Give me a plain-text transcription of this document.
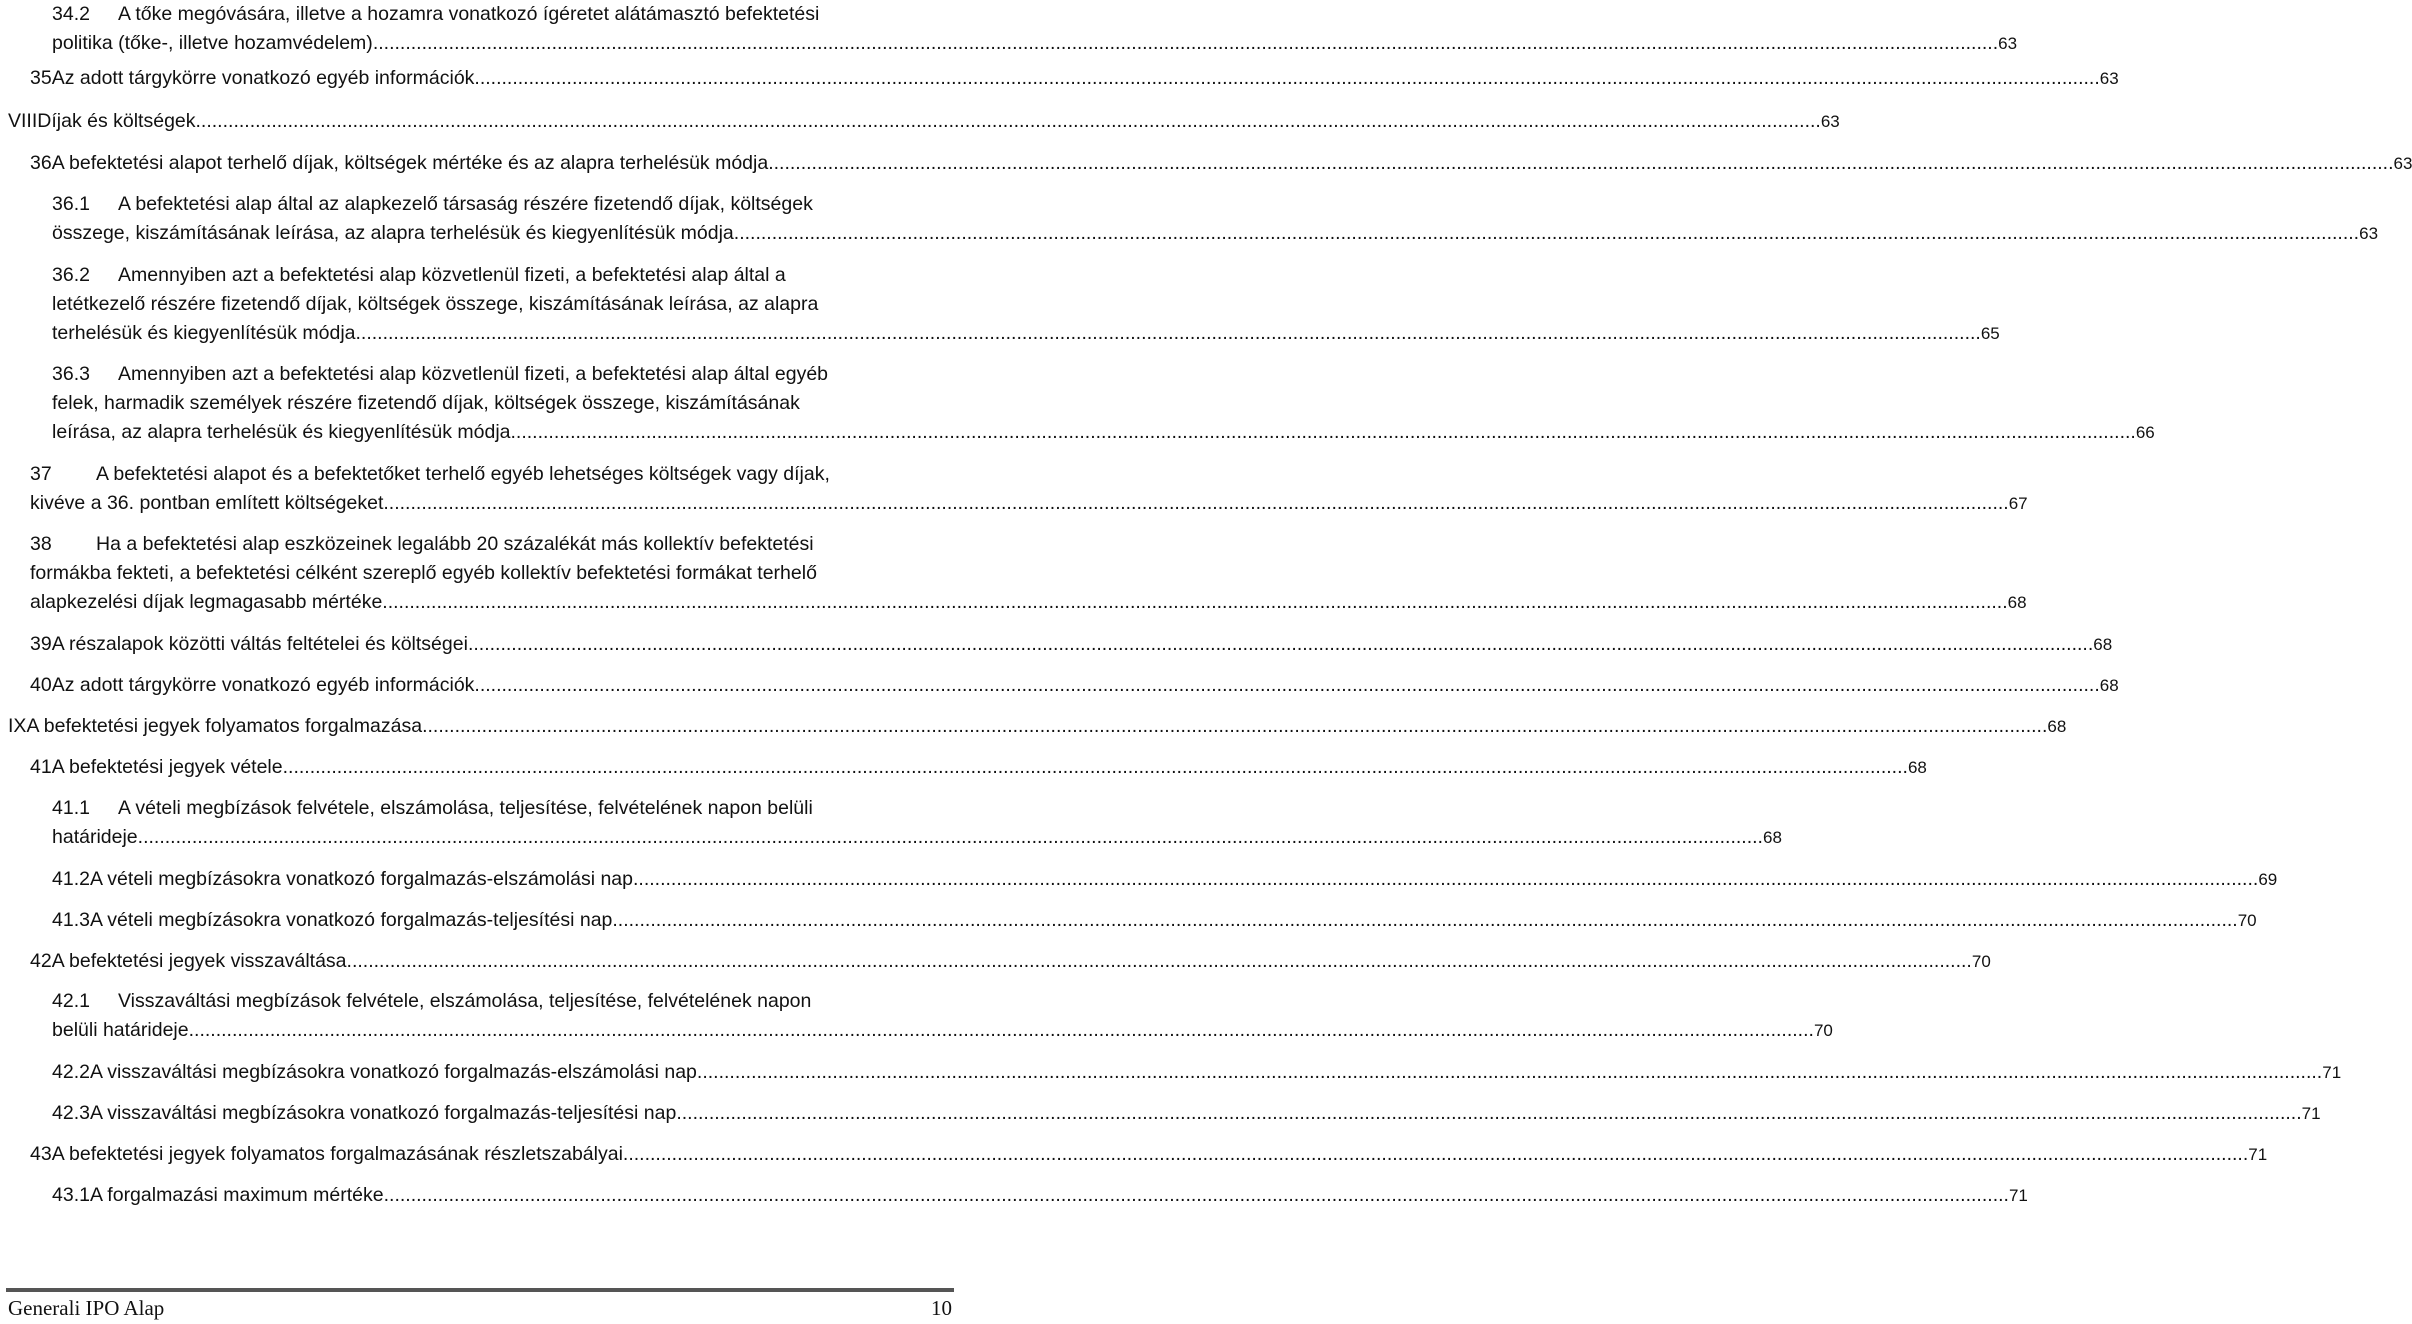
34.2 A tőke megóvására, illetve a hozamra vonatkozó ígéretet alátámasztó befektetési
politika (tőke-, illetve hozamvédelem) ............................................................................................................................................................................................................................................................................................................ 63
35 Az adott tárgykörre vonatkozó egyéb információk ............................................................................................................................................................................................................................................................................................................ 63
VIII Díjak és költségek ............................................................................................................................................................................................................................................................................................................ 63
36 A befektetési alapot terhelő díjak, költségek mértéke és az alapra terhelésük módja ............................................................................................................................................................................................................................................................................................................ 63
36.1 A befektetési alap által az alapkezelő társaság részére fizetendő díjak, költségek
összege, kiszámításának leírása, az alapra terhelésük és kiegyenlítésük módja ............................................................................................................................................................................................................................................................................................................ 63
36.2 Amennyiben azt a befektetési alap közvetlenül fizeti, a befektetési alap által a
letétkezelő részére fizetendő díjak, költségek összege, kiszámításának leírása, az alapra
terhelésük és kiegyenlítésük módja ............................................................................................................................................................................................................................................................................................................ 65
36.3 Amennyiben azt a befektetési alap közvetlenül fizeti, a befektetési alap által egyéb
felek, harmadik személyek részére fizetendő díjak, költségek összege, kiszámításának
leírása, az alapra terhelésük és kiegyenlítésük módja ............................................................................................................................................................................................................................................................................................................ 66
37 A befektetési alapot és a befektetőket terhelő egyéb lehetséges költségek vagy díjak,
kivéve a 36. pontban említett költségeket ............................................................................................................................................................................................................................................................................................................ 67
38 Ha a befektetési alap eszközeinek legalább 20 százalékát más kollektív befektetési
formákba fekteti, a befektetési célként szereplő egyéb kollektív befektetési formákat terhelő
alapkezelési díjak legmagasabb mértéke ............................................................................................................................................................................................................................................................................................................ 68
39 A részalapok közötti váltás feltételei és költségei ............................................................................................................................................................................................................................................................................................................ 68
40 Az adott tárgykörre vonatkozó egyéb információk ............................................................................................................................................................................................................................................................................................................ 68
IX A befektetési jegyek folyamatos forgalmazása ............................................................................................................................................................................................................................................................................................................ 68
41 A befektetési jegyek vétele ............................................................................................................................................................................................................................................................................................................ 68
41.1 A vételi megbízások felvétele, elszámolása, teljesítése, felvételének napon belüli
határideje ............................................................................................................................................................................................................................................................................................................ 68
41.2 A vételi megbízásokra vonatkozó forgalmazás-elszámolási nap ............................................................................................................................................................................................................................................................................................................ 69
41.3 A vételi megbízásokra vonatkozó forgalmazás-teljesítési nap ............................................................................................................................................................................................................................................................................................................ 70
42 A befektetési jegyek visszaváltása ............................................................................................................................................................................................................................................................................................................ 70
42.1 Visszaváltási megbízások felvétele, elszámolása, teljesítése, felvételének napon
belüli határideje ............................................................................................................................................................................................................................................................................................................ 70
42.2 A visszaváltási megbízásokra vonatkozó forgalmazás-elszámolási nap ............................................................................................................................................................................................................................................................................................................ 71
42.3 A visszaváltási megbízásokra vonatkozó forgalmazás-teljesítési nap ............................................................................................................................................................................................................................................................................................................ 71
43 A befektetési jegyek folyamatos forgalmazásának részletszabályai ............................................................................................................................................................................................................................................................................................................ 71
43.1 A forgalmazási maximum mértéke ............................................................................................................................................................................................................................................................................................................ 71
Generali IPO Alap	10
